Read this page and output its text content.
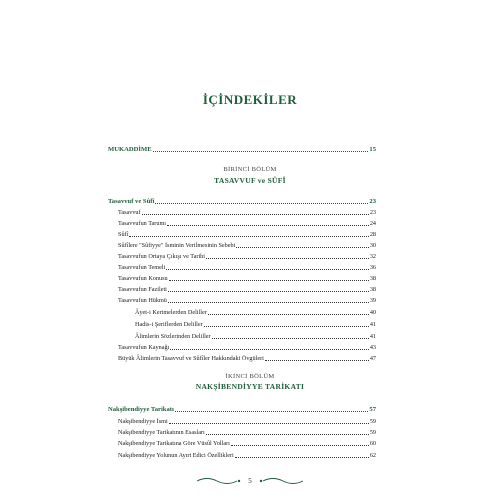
İÇİNDEKİLER
MUKADDİME	15
BİRİNCİ BÖLÜM
TASAVVUF ve SÛFÎ
Tasavvuf ve Sûfî	23
Tasavvuf	23
Tasavvufun Tarumı	24
Sûfî	28
Sûfîlere "Sûfiyye" İsminin Verilmesinin Sebebi	30
Tasavvufun Ortaya Çıkışı ve Tarihi	32
Tasavvufun Temeli	36
Tasavvufun Konusu	38
Tasavvufun Fazileti	38
Tasavvufun Hükmü	39
Âyet-i Kerimelerden Deliller	40
Hadis-i Şeriflerden Deliller	41
Âlimlerin Sözlerinden Deliller	41
Tasavvufun Kaynağı	43
Büyük Âlimlerin Tasavvuf ve Sûfîler Hakkındaki Övgüleri	47
İKİNCİ BÖLÜM
NAKŞİBENDİYYE TARİKATI
Nakşibendiyye Tarikatı	57
Nakşibendiyye İsmi	59
Nakşibendiyye Tarikatının Esasları	59
Nakşibendiyye Tarikatına Göre Vüsûl Yolları	60
Nakşibendiyye Yolunun Ayırt Edici Özellikleri	62
5
